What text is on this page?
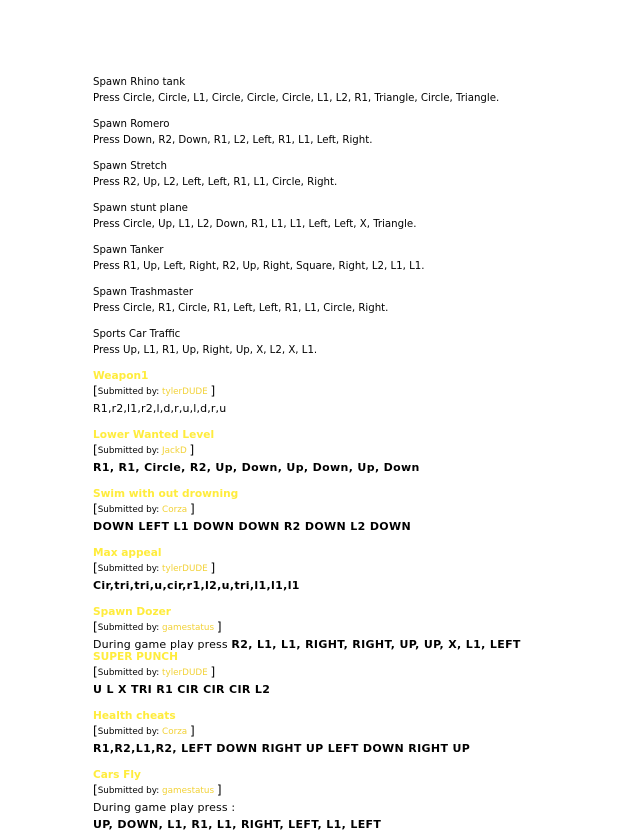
Spawn Rhino tank
Press Circle, Circle, L1, Circle, Circle, Circle, L1, L2, R1, Triangle, Circle, Triangle.
Spawn Romero
Press Down, R2, Down, R1, L2, Left, R1, L1, Left, Right.
Spawn Stretch
Press R2, Up, L2, Left, Left, R1, L1, Circle, Right.
Spawn stunt plane
Press Circle, Up, L1, L2, Down, R1, L1, L1, Left, Left, X, Triangle.
Spawn Tanker
Press R1, Up, Left, Right, R2, Up, Right, Square, Right, L2, L1, L1.
Spawn Trashmaster
Press Circle, R1, Circle, R1, Left, Left, R1, L1, Circle, Right.
Sports Car Traffic
Press Up, L1, R1, Up, Right, Up, X, L2, X, L1.
Weapon1
[Submitted by: tylerDUDE ]
R1,r2,l1,r2,l,d,r,u,l,d,r,u
Lower Wanted Level
[Submitted by: JackD ]
R1, R1, Circle, R2, Up, Down, Up, Down, Up, Down
Swim with out drowning
[Submitted by: Corza ]
DOWN LEFT L1 DOWN DOWN R2 DOWN L2 DOWN
Max appeal
[Submitted by: tylerDUDE ]
Cir,tri,tri,u,cir,r1,l2,u,tri,l1,l1,l1
Spawn Dozer
[Submitted by: gamestatus ]
During game play press R2, L1, L1, RIGHT, RIGHT, UP, UP, X, L1, LEFT
SUPER PUNCH
[Submitted by: tylerDUDE ]
U L X TRI R1 CIR CIR CIR L2
Health cheats
[Submitted by: Corza ]
R1,R2,L1,R2, LEFT DOWN RIGHT UP LEFT DOWN RIGHT UP
Cars Fly
[Submitted by: gamestatus ]
During game play press :
UP, DOWN, L1, R1, L1, RIGHT, LEFT, L1, LEFT
